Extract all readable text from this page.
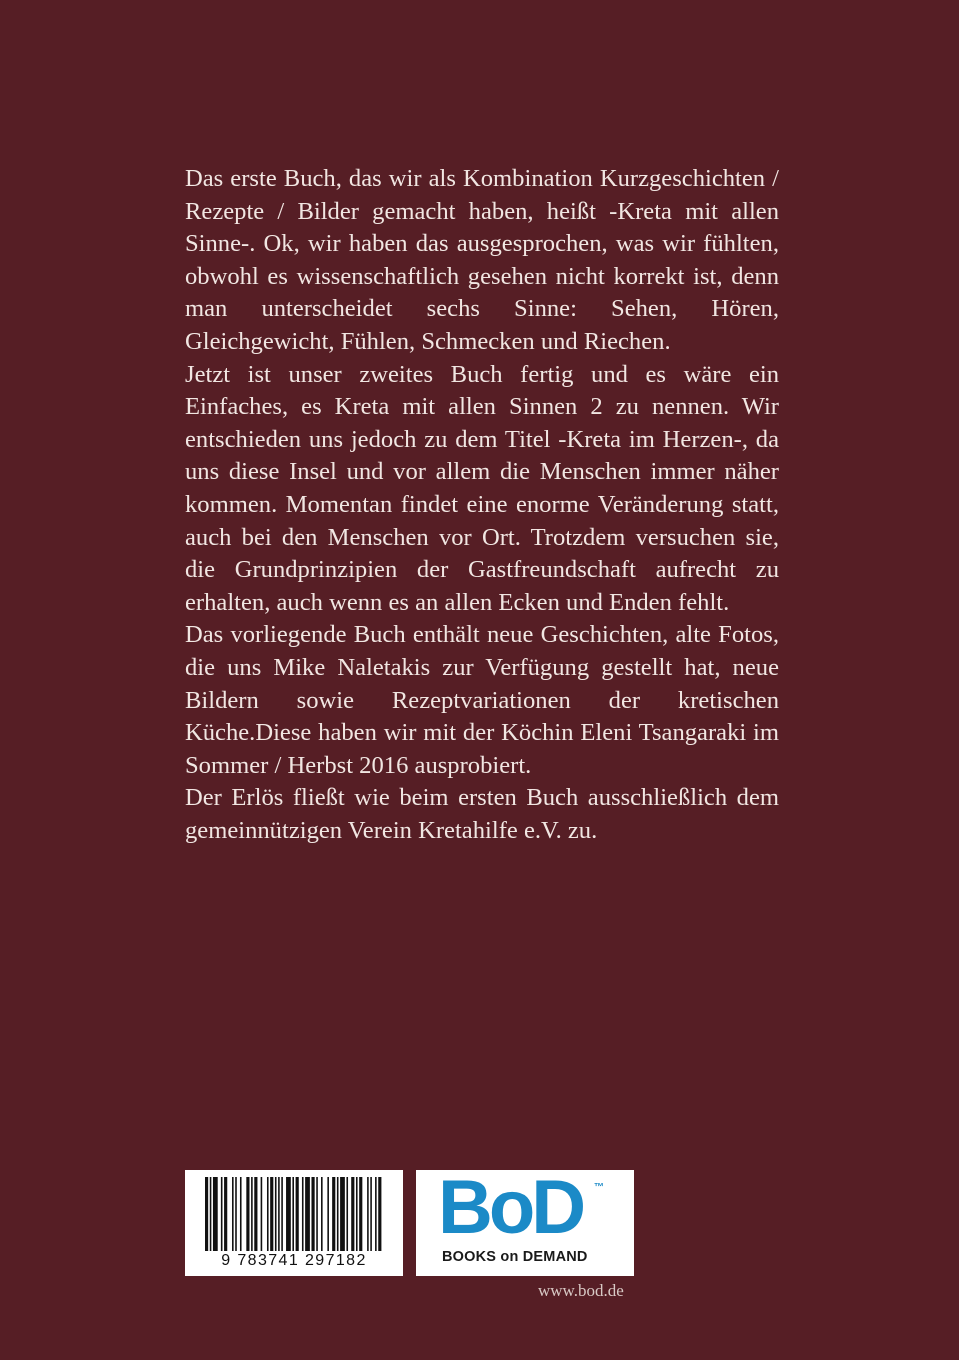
Das erste Buch, das wir als Kombination Kurzgeschichten / Rezepte / Bilder gemacht haben, heißt -Kreta mit allen Sinne-. Ok, wir haben das ausgesprochen, was wir fühlten, obwohl es wissenschaftlich gesehen nicht korrekt ist, denn man unterscheidet sechs Sinne: Sehen, Hören, Gleichgewicht, Fühlen, Schmecken und Riechen.

Jetzt ist unser zweites Buch fertig und es wäre ein Einfaches, es Kreta mit allen Sinnen 2 zu nennen. Wir entschieden uns jedoch zu dem Titel -Kreta im Herzen-, da uns diese Insel und vor allem die Menschen immer näher kommen. Momentan findet eine enorme Veränderung statt, auch bei den Menschen vor Ort. Trotzdem versuchen sie, die Grundprinzipien der Gastfreundschaft aufrecht zu erhalten, auch wenn es an allen Ecken und Enden fehlt.

Das vorliegende Buch enthält neue Geschichten, alte Fotos, die uns Mike Naletakis zur Verfügung gestellt hat, neue Bildern sowie Rezeptvariationen der kretischen Küche.Diese haben wir mit der Köchin Eleni Tsangaraki im Sommer / Herbst 2016 ausprobiert.

Der Erlös fließt wie beim ersten Buch ausschließlich dem gemeinnützigen Verein Kretahilfe e.V. zu.

9 783741 297182
BoD ™
BOOKS on DEMAND
www.bod.de
